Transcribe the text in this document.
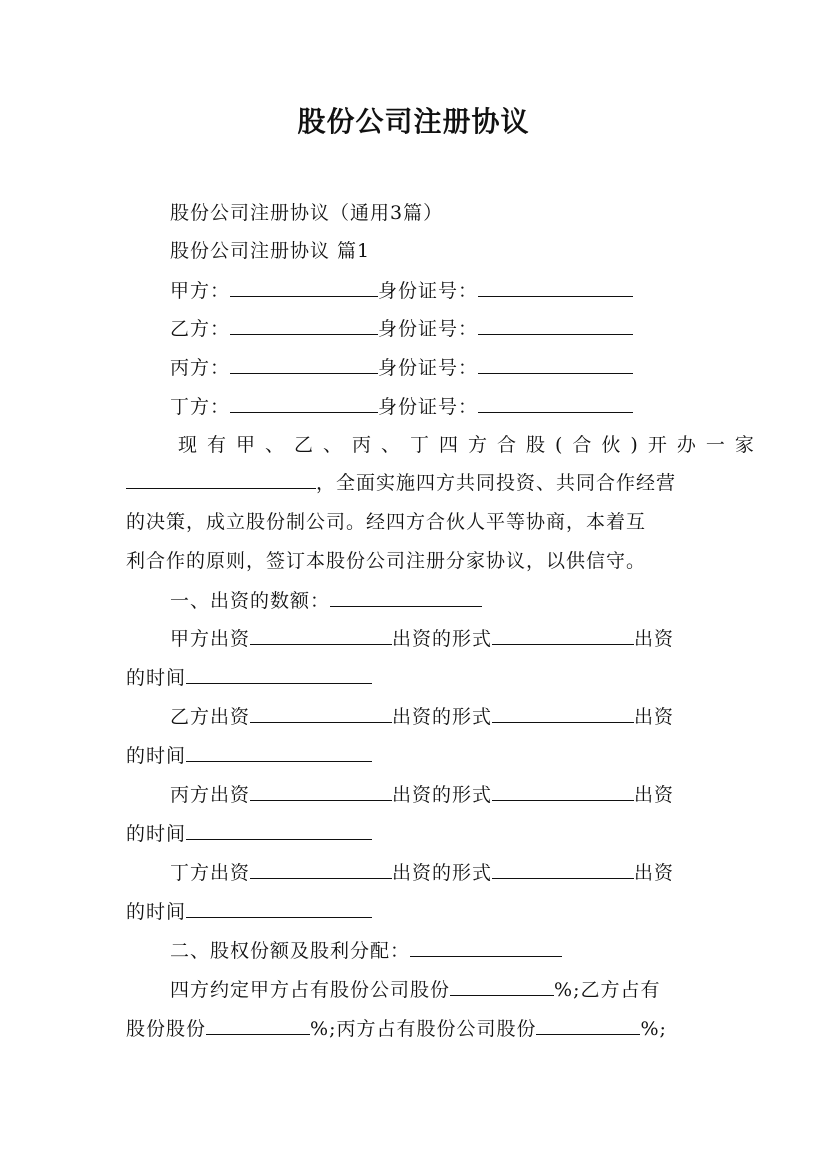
股份公司注册协议
股份公司注册协议（通用3篇）
股份公司注册协议 篇1
甲方：	身份证号：
乙方：	身份证号：
丙方：	身份证号：
丁方：	身份证号：
现有甲、乙、丙、丁四方合股(合伙)开办一家
，全面实施四方共同投资、共同合作经营
的决策，成立股份制公司。经四方合伙人平等协商，本着互
利合作的原则，签订本股份公司注册分家协议，以供信守。
一、出资的数额：
甲方出资	出资的形式	出资
的时间
乙方出资	出资的形式	出资
的时间
丙方出资	出资的形式	出资
的时间
丁方出资	出资的形式	出资
的时间
二、股权份额及股利分配：
四方约定甲方占有股份公司股份	%;乙方占有
股份股份	%;丙方占有股份公司股份	%;
